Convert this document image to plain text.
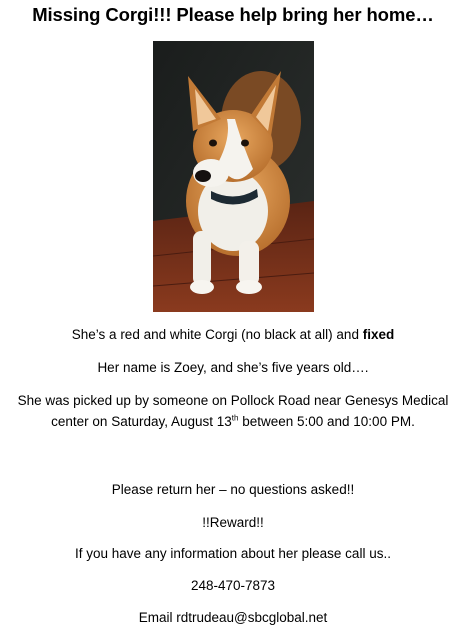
Missing Corgi!!! Please help bring her home…
She’s a red and white Corgi (no black at all) and fixed
Her name is Zoey, and she’s five years old….
She was picked up by someone on Pollock Road near Genesys Medical
center on Saturday, August 13th between 5:00 and 10:00 PM.
Please return her – no questions asked!!
!!Reward!!
If you have any information about her please call us..
248-470-7873
Email rdtrudeau@sbcglobal.net
